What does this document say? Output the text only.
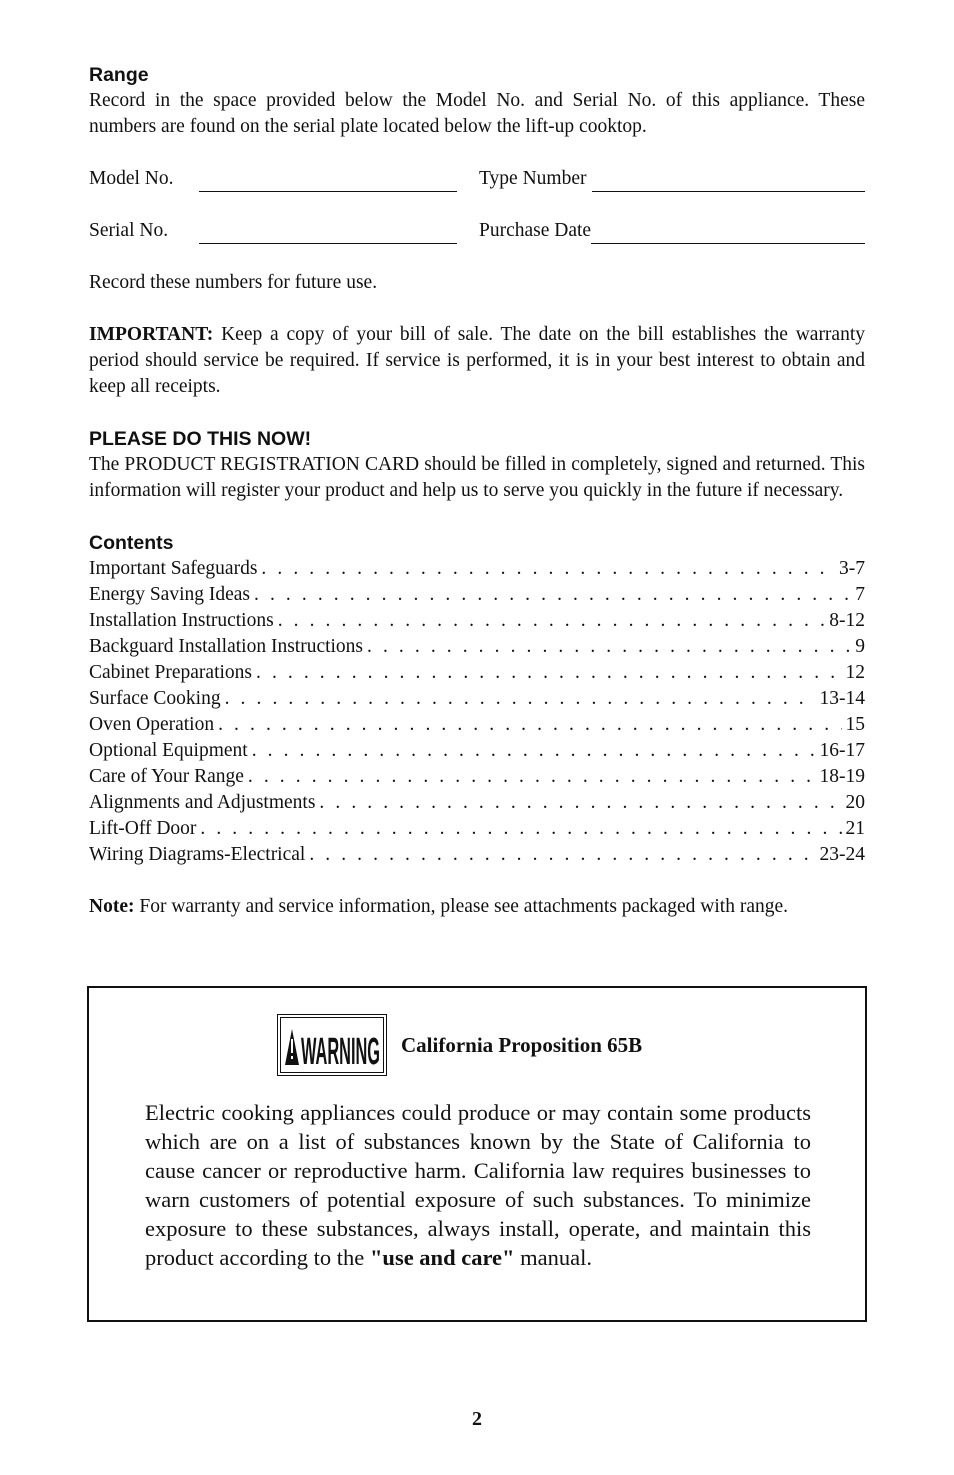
Range

Record in the space provided below the Model No. and Serial No. of this appliance. These numbers are found on the serial plate located below the lift-up cooktop.

Model No.	Type Number
Serial No.	Purchase Date

Record these numbers for future use.

IMPORTANT: Keep a copy of your bill of sale. The date on the bill establishes the warranty period should service be required. If service is performed, it is in your best interest to obtain and keep all receipts.

PLEASE DO THIS NOW!

The PRODUCT REGISTRATION CARD should be filled in completely, signed and returned. This information will register your product and help us to serve you quickly in the future if necessary.

Contents
Important Safeguards . . .	3-7
Energy Saving Ideas . . .	7
Installation Instructions . . .	8-12
Backguard Installation Instructions . . .	9
Cabinet Preparations . . .	12
Surface Cooking . . .	13-14
Oven Operation . . .	15
Optional Equipment . . .	16-17
Care of Your Range . . .	18-19
Alignments and Adjustments . . .	20
Lift-Off Door . . .	21
Wiring Diagrams-Electrical . . .	23-24

Note: For warranty and service information, please see attachments packaged with range.

WARNING California Proposition 65B

Electric cooking appliances could produce or may contain some products which are on a list of substances known by the State of California to cause cancer or reproductive harm. California law requires businesses to warn customers of potential exposure of such substances. To minimize exposure to these substances, always install, operate, and maintain this product according to the "use and care" manual.

2
